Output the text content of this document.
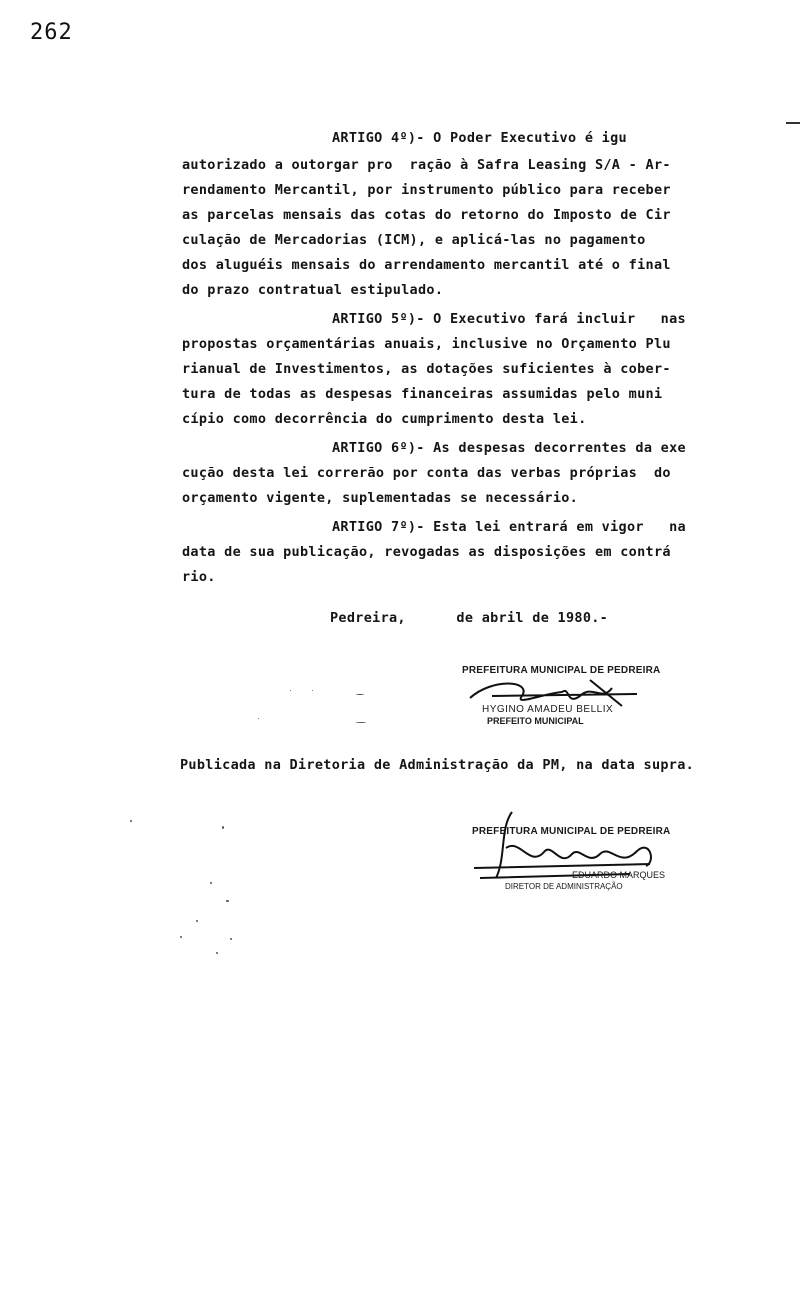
262
ARTIGO 4º)- O Poder Executivo é igu
autorizado a outorgar pro  ração à Safra Leasing S/A - Ar-
rendamento Mercantil, por instrumento público para receber
as parcelas mensais das cotas do retorno do Imposto de Cir
culação de Mercadorias (ICM), e aplicá-las no pagamento
dos aluguéis mensais do arrendamento mercantil até o final
do prazo contratual estipulado.
ARTIGO 5º)- O Executivo fará incluir   nas
propostas orçamentárias anuais, inclusive no Orçamento Plu
rianual de Investimentos, as dotações suficientes à cober-
tura de todas as despesas financeiras assumidas pelo muni
cípio como decorrência do cumprimento desta lei.
ARTIGO 6º)- As despesas decorrentes da exe
cução desta lei correrão por conta das verbas próprias  do
orçamento vigente, suplementadas se necessário.
ARTIGO 7º)- Esta lei entrará em vigor   na
data de sua publicação, revogadas as disposições em contrá
rio.
Pedreira,      de abril de 1980.-
PREFEITURA MUNICIPAL DE PEDREIRA
HYGINO AMADEU BELLIX
PREFEITO MUNICIPAL
Publicada na Diretoria de Administração da PM, na data supra.
PREFEITURA MUNICIPAL DE PEDREIRA
EDUARDO MARQUES
DIRETOR DE ADMINISTRAÇÃO
